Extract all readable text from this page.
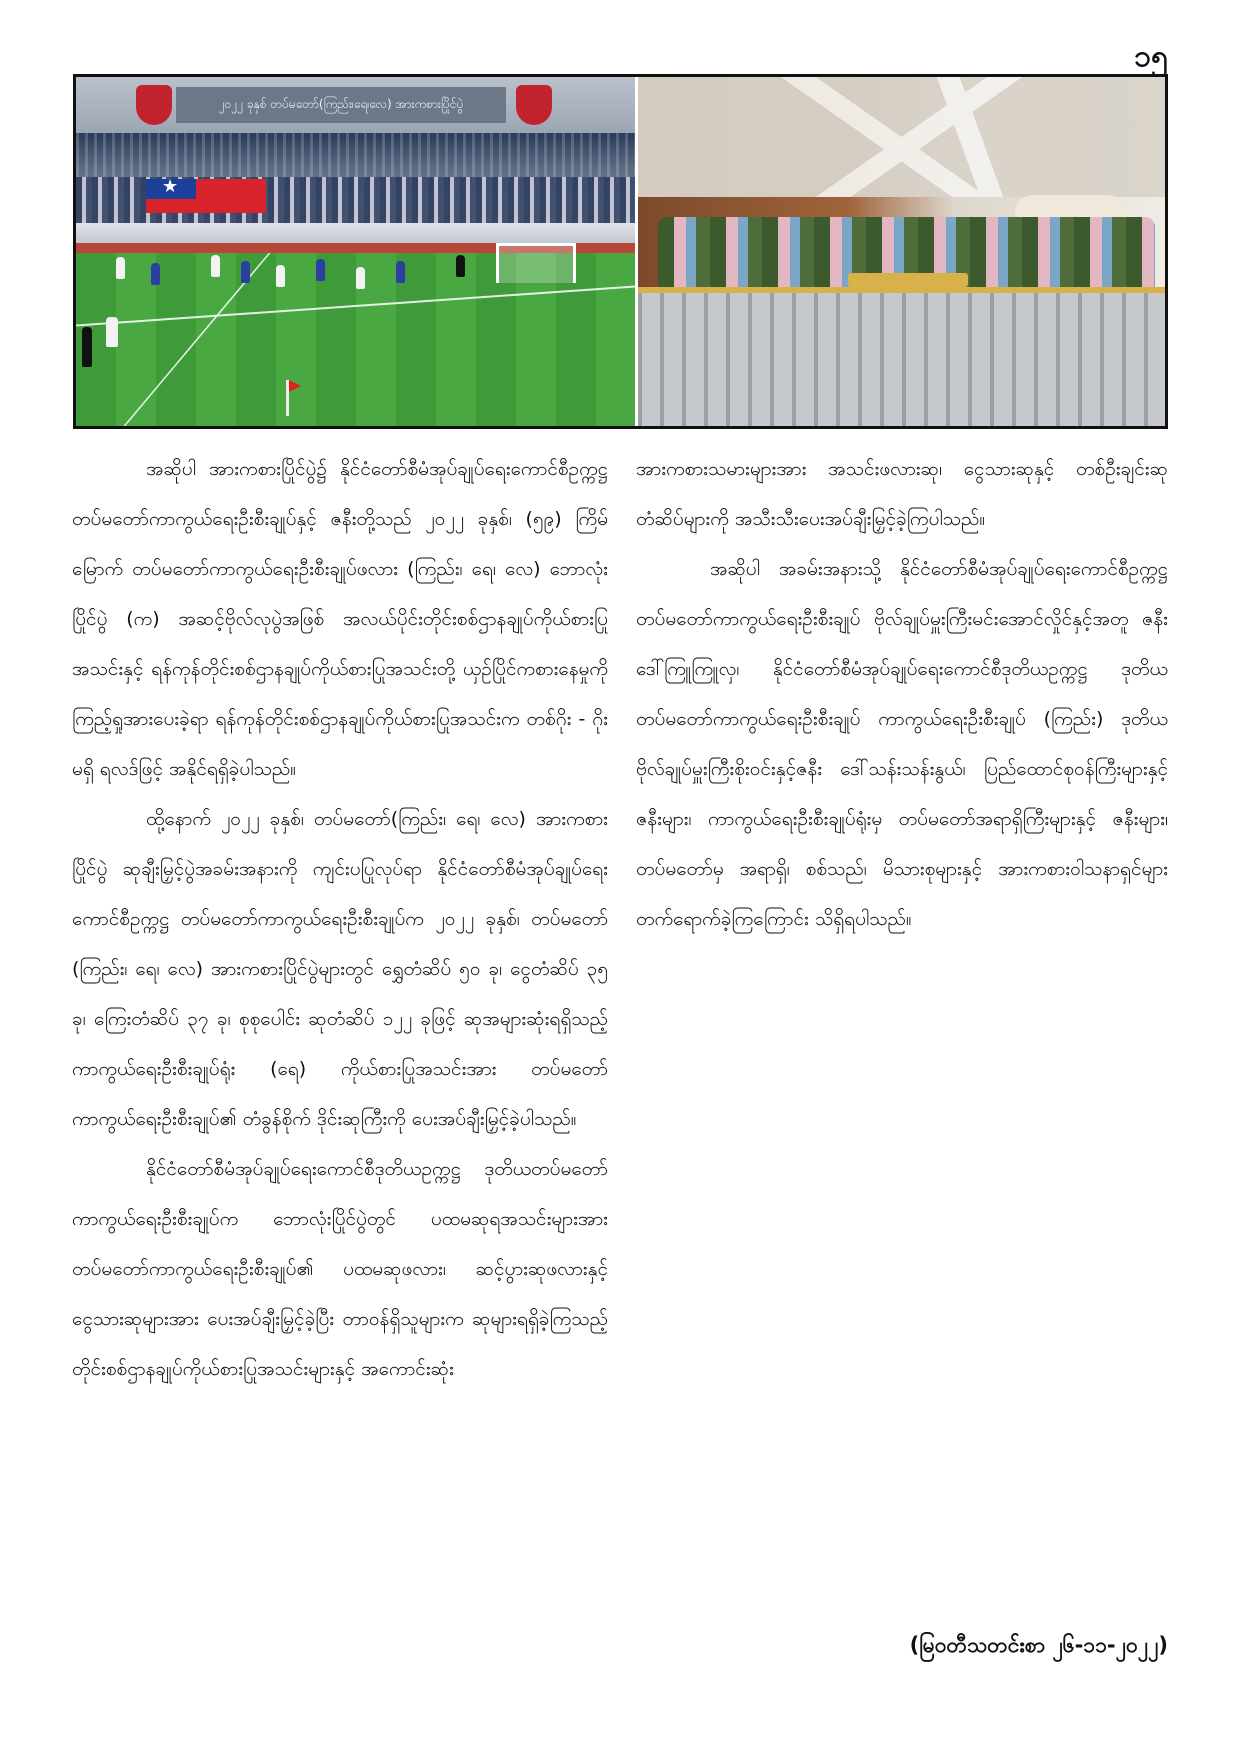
၁၅
၂၀၂၂ ခုနှစ် တပ်မတော်(ကြည်း၊ရေ၊လေ) အားကစားပြိုင်ပွဲ
★

အဆိုပါ အားကစားပြိုင်ပွဲ၌ နိုင်ငံတော်စီမံအုပ်ချုပ်ရေးကောင်စီဥက္ကဋ္ဌ တပ်မတော်ကာကွယ်ရေးဦးစီးချုပ်နှင့် ဇနီးတို့သည် ၂၀၂၂ ခုနှစ်၊ (၅၉) ကြိမ်မြောက် တပ်မတော်ကာကွယ်ရေးဦးစီးချုပ်ဖလား (ကြည်း၊ ရေ၊ လေ) ဘောလုံးပြိုင်ပွဲ (က) အဆင့်ဗိုလ်လုပွဲအဖြစ် အလယ်ပိုင်းတိုင်းစစ်ဌာနချုပ်ကိုယ်စားပြုအသင်းနှင့် ရန်ကုန်တိုင်းစစ်ဌာနချုပ်ကိုယ်စားပြုအသင်းတို့ ယှဉ်ပြိုင်ကစားနေမှုကိုကြည့်ရှုအားပေးခဲ့ရာ ရန်ကုန်တိုင်းစစ်ဌာနချုပ်ကိုယ်စားပြုအသင်းက တစ်ဂိုး - ဂိုးမရှိ ရလဒ်ဖြင့် အနိုင်ရရှိခဲ့ပါသည်။

ထို့နောက် ၂၀၂၂ ခုနှစ်၊ တပ်မတော်(ကြည်း၊ ရေ၊ လေ) အားကစားပြိုင်ပွဲ ဆုချီးမြှင့်ပွဲအခမ်းအနားကို ကျင်းပပြုလုပ်ရာ နိုင်ငံတော်စီမံအုပ်ချုပ်ရေးကောင်စီဥက္ကဋ္ဌ တပ်မတော်ကာကွယ်ရေးဦးစီးချုပ်က ၂၀၂၂ ခုနှစ်၊ တပ်မတော် (ကြည်း၊ ရေ၊ လေ) အားကစားပြိုင်ပွဲများတွင် ရွှေတံဆိပ် ၅၀ ခု၊ ငွေတံဆိပ် ၃၅ ခု၊ ကြေးတံဆိပ် ၃၇ ခု၊ စုစုပေါင်း ဆုတံဆိပ် ၁၂၂ ခုဖြင့် ဆုအများဆုံးရရှိသည့် ကာကွယ်ရေးဦးစီးချုပ်ရုံး (ရေ) ကိုယ်စားပြုအသင်းအား တပ်မတော်ကာကွယ်ရေးဦးစီးချုပ်၏ တံခွန်စိုက် ဒိုင်းဆုကြီးကို ပေးအပ်ချီးမြှင့်ခဲ့ပါသည်။

နိုင်ငံတော်စီမံအုပ်ချုပ်ရေးကောင်စီဒုတိယဥက္ကဋ္ဌ ဒုတိယတပ်မတော်ကာကွယ်ရေးဦးစီးချုပ်က ဘောလုံးပြိုင်ပွဲတွင် ပထမဆုရအသင်းများအား တပ်မတော်ကာကွယ်ရေးဦးစီးချုပ်၏ ပထမဆုဖလား၊ ဆင့်ပွားဆုဖလားနှင့် ငွေသားဆုများအား ပေးအပ်ချီးမြှင့်ခဲ့ပြီး တာဝန်ရှိသူများက ဆုများရရှိခဲ့ကြသည့် တိုင်းစစ်ဌာနချုပ်ကိုယ်စားပြုအသင်းများနှင့် အကောင်းဆုံး

အားကစားသမားများအား အသင်းဖလားဆု၊ ငွေသားဆုနှင့် တစ်ဦးချင်းဆုတံဆိပ်များကို အသီးသီးပေးအပ်ချီးမြှင့်ခဲ့ကြပါသည်။

အဆိုပါ အခမ်းအနားသို့ နိုင်ငံတော်စီမံအုပ်ချုပ်ရေးကောင်စီဥက္ကဋ္ဌ တပ်မတော်ကာကွယ်ရေးဦးစီးချုပ် ဗိုလ်ချုပ်မှူးကြီးမင်းအောင်လှိုင်နှင့်အတူ ဇနီး ဒေါ်ကြူကြူလှ၊ နိုင်ငံတော်စီမံအုပ်ချုပ်ရေးကောင်စီဒုတိယဥက္ကဋ္ဌ ဒုတိယတပ်မတော်ကာကွယ်ရေးဦးစီးချုပ် ကာကွယ်ရေးဦးစီးချုပ် (ကြည်း) ဒုတိယဗိုလ်ချုပ်မှူးကြီးစိုးဝင်းနှင့်ဇနီး ဒေါ်သန်းသန်းနွယ်၊ ပြည်ထောင်စုဝန်ကြီးများနှင့် ဇနီးများ၊ ကာကွယ်ရေးဦးစီးချုပ်ရုံးမှ တပ်မတော်အရာရှိကြီးများနှင့် ဇနီးများ၊ တပ်မတော်မှ အရာရှိ၊ စစ်သည်၊ မိသားစုများနှင့် အားကစားဝါသနာရှင်များ တက်ရောက်ခဲ့ကြကြောင်း သိရှိရပါသည်။

(မြဝတီသတင်းစာ ၂၆-၁၁-၂၀၂၂)
